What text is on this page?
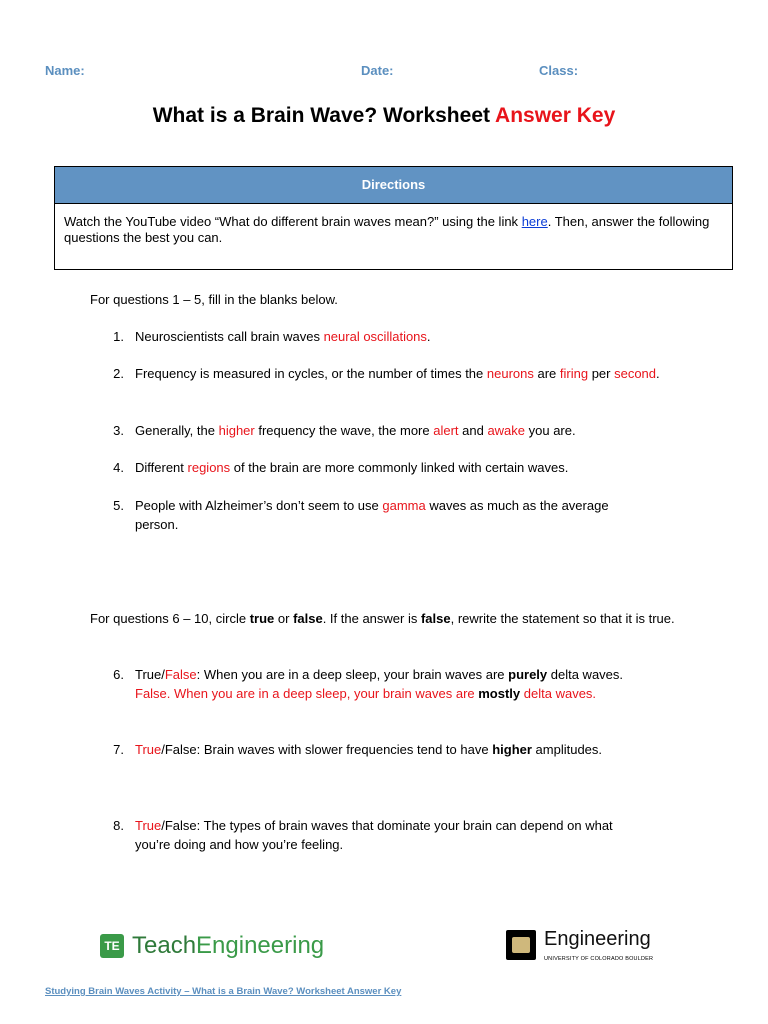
Name:	Date:	Class:
What is a Brain Wave? Worksheet Answer Key
Directions
Watch the YouTube video “What do different brain waves mean?” using the link here. Then, answer the following questions the best you can.
For questions 1 – 5, fill in the blanks below.
1. Neuroscientists call brain waves neural oscillations.
2. Frequency is measured in cycles, or the number of times the neurons are firing per second.
3. Generally, the higher frequency the wave, the more alert and awake you are.
4. Different regions of the brain are more commonly linked with certain waves.
5. People with Alzheimer’s don’t seem to use gamma waves as much as the average person.
For questions 6 – 10, circle true or false. If the answer is false, rewrite the statement so that it is true.
6. True/False: When you are in a deep sleep, your brain waves are purely delta waves.
False. When you are in a deep sleep, your brain waves are mostly delta waves.
7. True/False: Brain waves with slower frequencies tend to have higher amplitudes.
8. True/False: The types of brain waves that dominate your brain can depend on what you’re doing and how you’re feeling.
TE TeachEngineering	Engineering
UNIVERSITY OF COLORADO BOULDER
Studying Brain Waves Activity – What is a Brain Wave? Worksheet Answer Key
